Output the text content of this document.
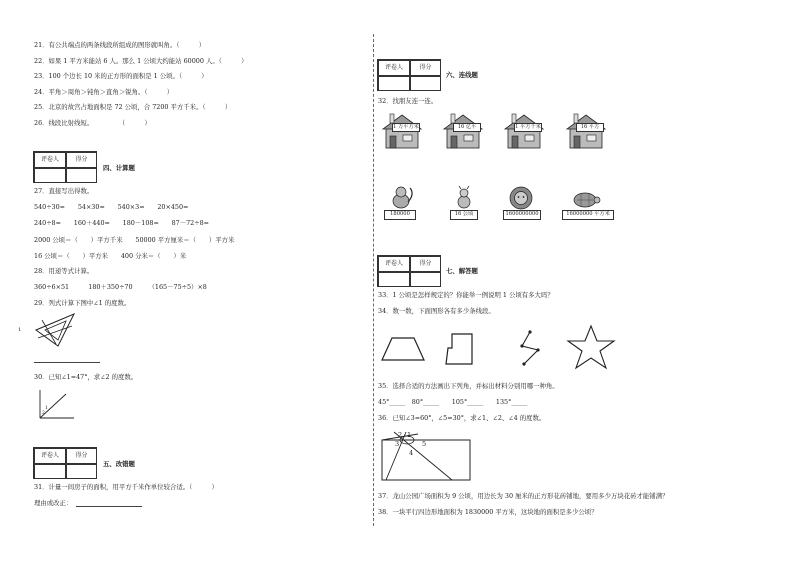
21．有公共端点的两条线段所组成的图形就叫角。（　　　）
22．如果 1 平方米能站 6 人。那么 1 公顷大约能站 60000 人。（　　　）
23．100 个边长 10 米的正方形的面积是 1 公顷。（　　　）
24．平角＞周角＞钝角＞直角＞锐角。（　　　）
25．北京的故宫占地面积是 72 公顷，合 7200 平方千米。（　　　）
26．线段比射线短。　　　　　（　　　）
评卷人	得分
四、计算题
27．直接写出得数。
540÷30=　　54×30=　　540×3=　　20×450=
240÷8=　　160＋440=　　180－108=　　87－72÷8=
2000 公顷＝（　　）平方千米　　50000 平方厘米＝（　　）平方米
16 公顷＝（　　）平方米　　400 分米＝（　　）米
28．用递等式计算。
360÷6×51　　　180＋350÷70　　　（165－75÷5）×8
29．列式计算下图中∠1 的度数。
1
30．已知∠1=47°，求∠2 的度数。
1
2
评卷人	得分
五、改错题
31．计量一间房子的面积，用平方千米作单位较合适。（　　　）
理由或改正：
评卷人	得分
六、连线题
32．找朋友连一连。
1 万平方米	16 亿平	1 平方千米	16 平方
180000	16 公顷	1600000000	16000000 平方米
评卷人	得分
七、解答题
33．1 公顷是怎样规定的？你能举一例说明 1 公顷有多大吗？
34．数一数，下面图形各有多少条线段。
35．选择合适的方法画出下列角，并标出材料分别用哪一种角。
45°_____　80°_____　　105°_____　　135°_____
36．已知∠3=60°，∠5=30°，求∠1、∠2、∠4 的度数。
2 1
3
4
5
37．龙山公园广场面积为 9 公顷，用边长为 30 厘米的正方形花砖铺地，要用多少万块花砖才能铺满？
38．一块平行四边形地面积为 1830000 平方米，这块地的面积是多少公顷？
